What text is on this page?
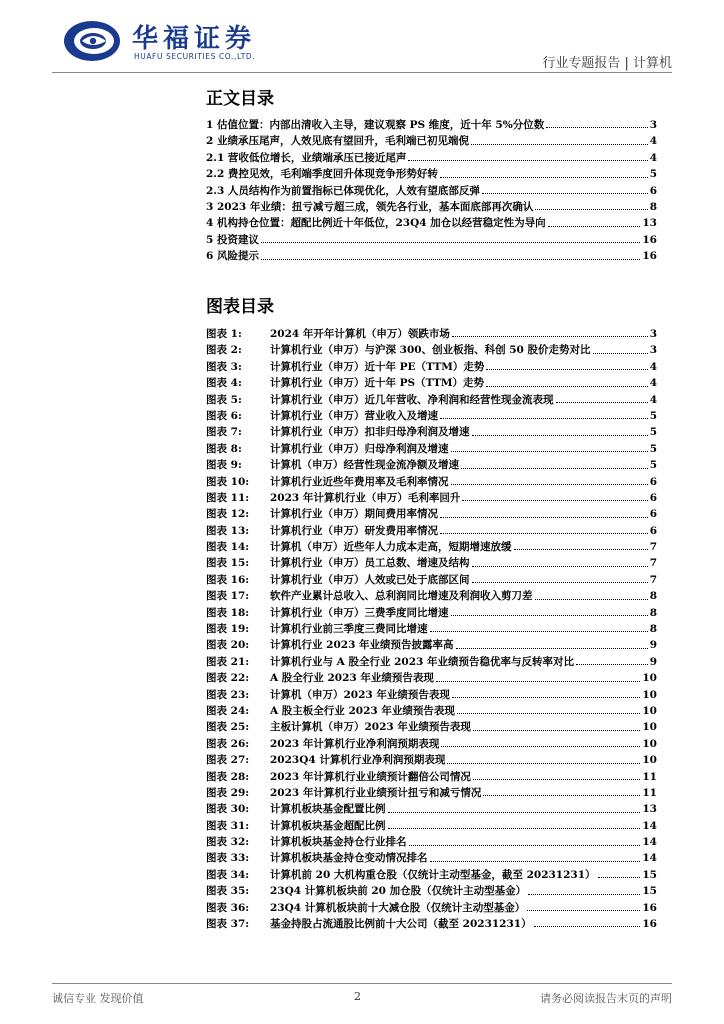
华福证券
HUAFU SECURITIES CO.,LTD.	行业专题报告 | 计算机
正文目录
1 估值位置：内部出清收入主导，建议观察 PS 维度，近十年 5%分位数	3
2 业绩承压尾声，人效见底有望回升，毛利端已初见端倪	4
2.1 营收低位增长，业绩端承压已接近尾声	4
2.2 费控见效，毛利端季度回升体现竞争形势好转	5
2.3 人员结构作为前置指标已体现优化，人效有望底部反弹	6
3 2023 年业绩：扭亏减亏超三成，领先各行业，基本面底部再次确认	8
4 机构持仓位置：超配比例近十年低位，23Q4 加仓以经营稳定性为导向	13
5 投资建议	16
6 风险提示	16
图表目录
图表 1:	2024 年开年计算机（申万）领跌市场	3
图表 2:	计算机行业（申万）与沪深 300、创业板指、科创 50 股价走势对比	3
图表 3:	计算机行业（申万）近十年 PE（TTM）走势	4
图表 4:	计算机行业（申万）近十年 PS（TTM）走势	4
图表 5:	计算机行业（申万）近几年营收、净利润和经营性现金流表现	4
图表 6:	计算机行业（申万）营业收入及增速	5
图表 7:	计算机行业（申万）扣非归母净利润及增速	5
图表 8:	计算机行业（申万）归母净利润及增速	5
图表 9:	计算机（申万）经营性现金流净额及增速	5
图表 10:	计算机行业近些年费用率及毛利率情况	6
图表 11:	2023 年计算机行业（申万）毛利率回升	6
图表 12:	计算机行业（申万）期间费用率情况	6
图表 13:	计算机行业（申万）研发费用率情况	6
图表 14:	计算机（申万）近些年人力成本走高，短期增速放缓	7
图表 15:	计算机行业（申万）员工总数、增速及结构	7
图表 16:	计算机行业（申万）人效或已处于底部区间	7
图表 17:	软件产业累计总收入、总利润同比增速及利润收入剪刀差	8
图表 18:	计算机行业（申万）三费季度同比增速	8
图表 19:	计算机行业前三季度三费同比增速	8
图表 20:	计算机行业 2023 年业绩预告披露率高	9
图表 21:	计算机行业与 A 股全行业 2023 年业绩预告稳优率与反转率对比	9
图表 22:	A 股全行业 2023 年业绩预告表现	10
图表 23:	计算机（申万）2023 年业绩预告表现	10
图表 24:	A 股主板全行业 2023 年业绩预告表现	10
图表 25:	主板计算机（申万）2023 年业绩预告表现	10
图表 26:	2023 年计算机行业净利润预期表现	10
图表 27:	2023Q4 计算机行业净利润预期表现	10
图表 28:	2023 年计算机行业业绩预计翻倍公司情况	11
图表 29:	2023 年计算机行业业绩预计扭亏和减亏情况	11
图表 30:	计算机板块基金配置比例	13
图表 31:	计算机板块基金超配比例	14
图表 32:	计算机板块基金持仓行业排名	14
图表 33:	计算机板块基金持仓变动情况排名	14
图表 34:	计算机前 20 大机构重仓股（仅统计主动型基金，截至 20231231）	15
图表 35:	23Q4 计算机板块前 20 加仓股（仅统计主动型基金）	15
图表 36:	23Q4 计算机板块前十大减仓股（仅统计主动型基金）	16
图表 37:	基金持股占流通股比例前十大公司（截至 20231231）	16
诚信专业 发现价值	2	请务必阅读报告末页的声明
